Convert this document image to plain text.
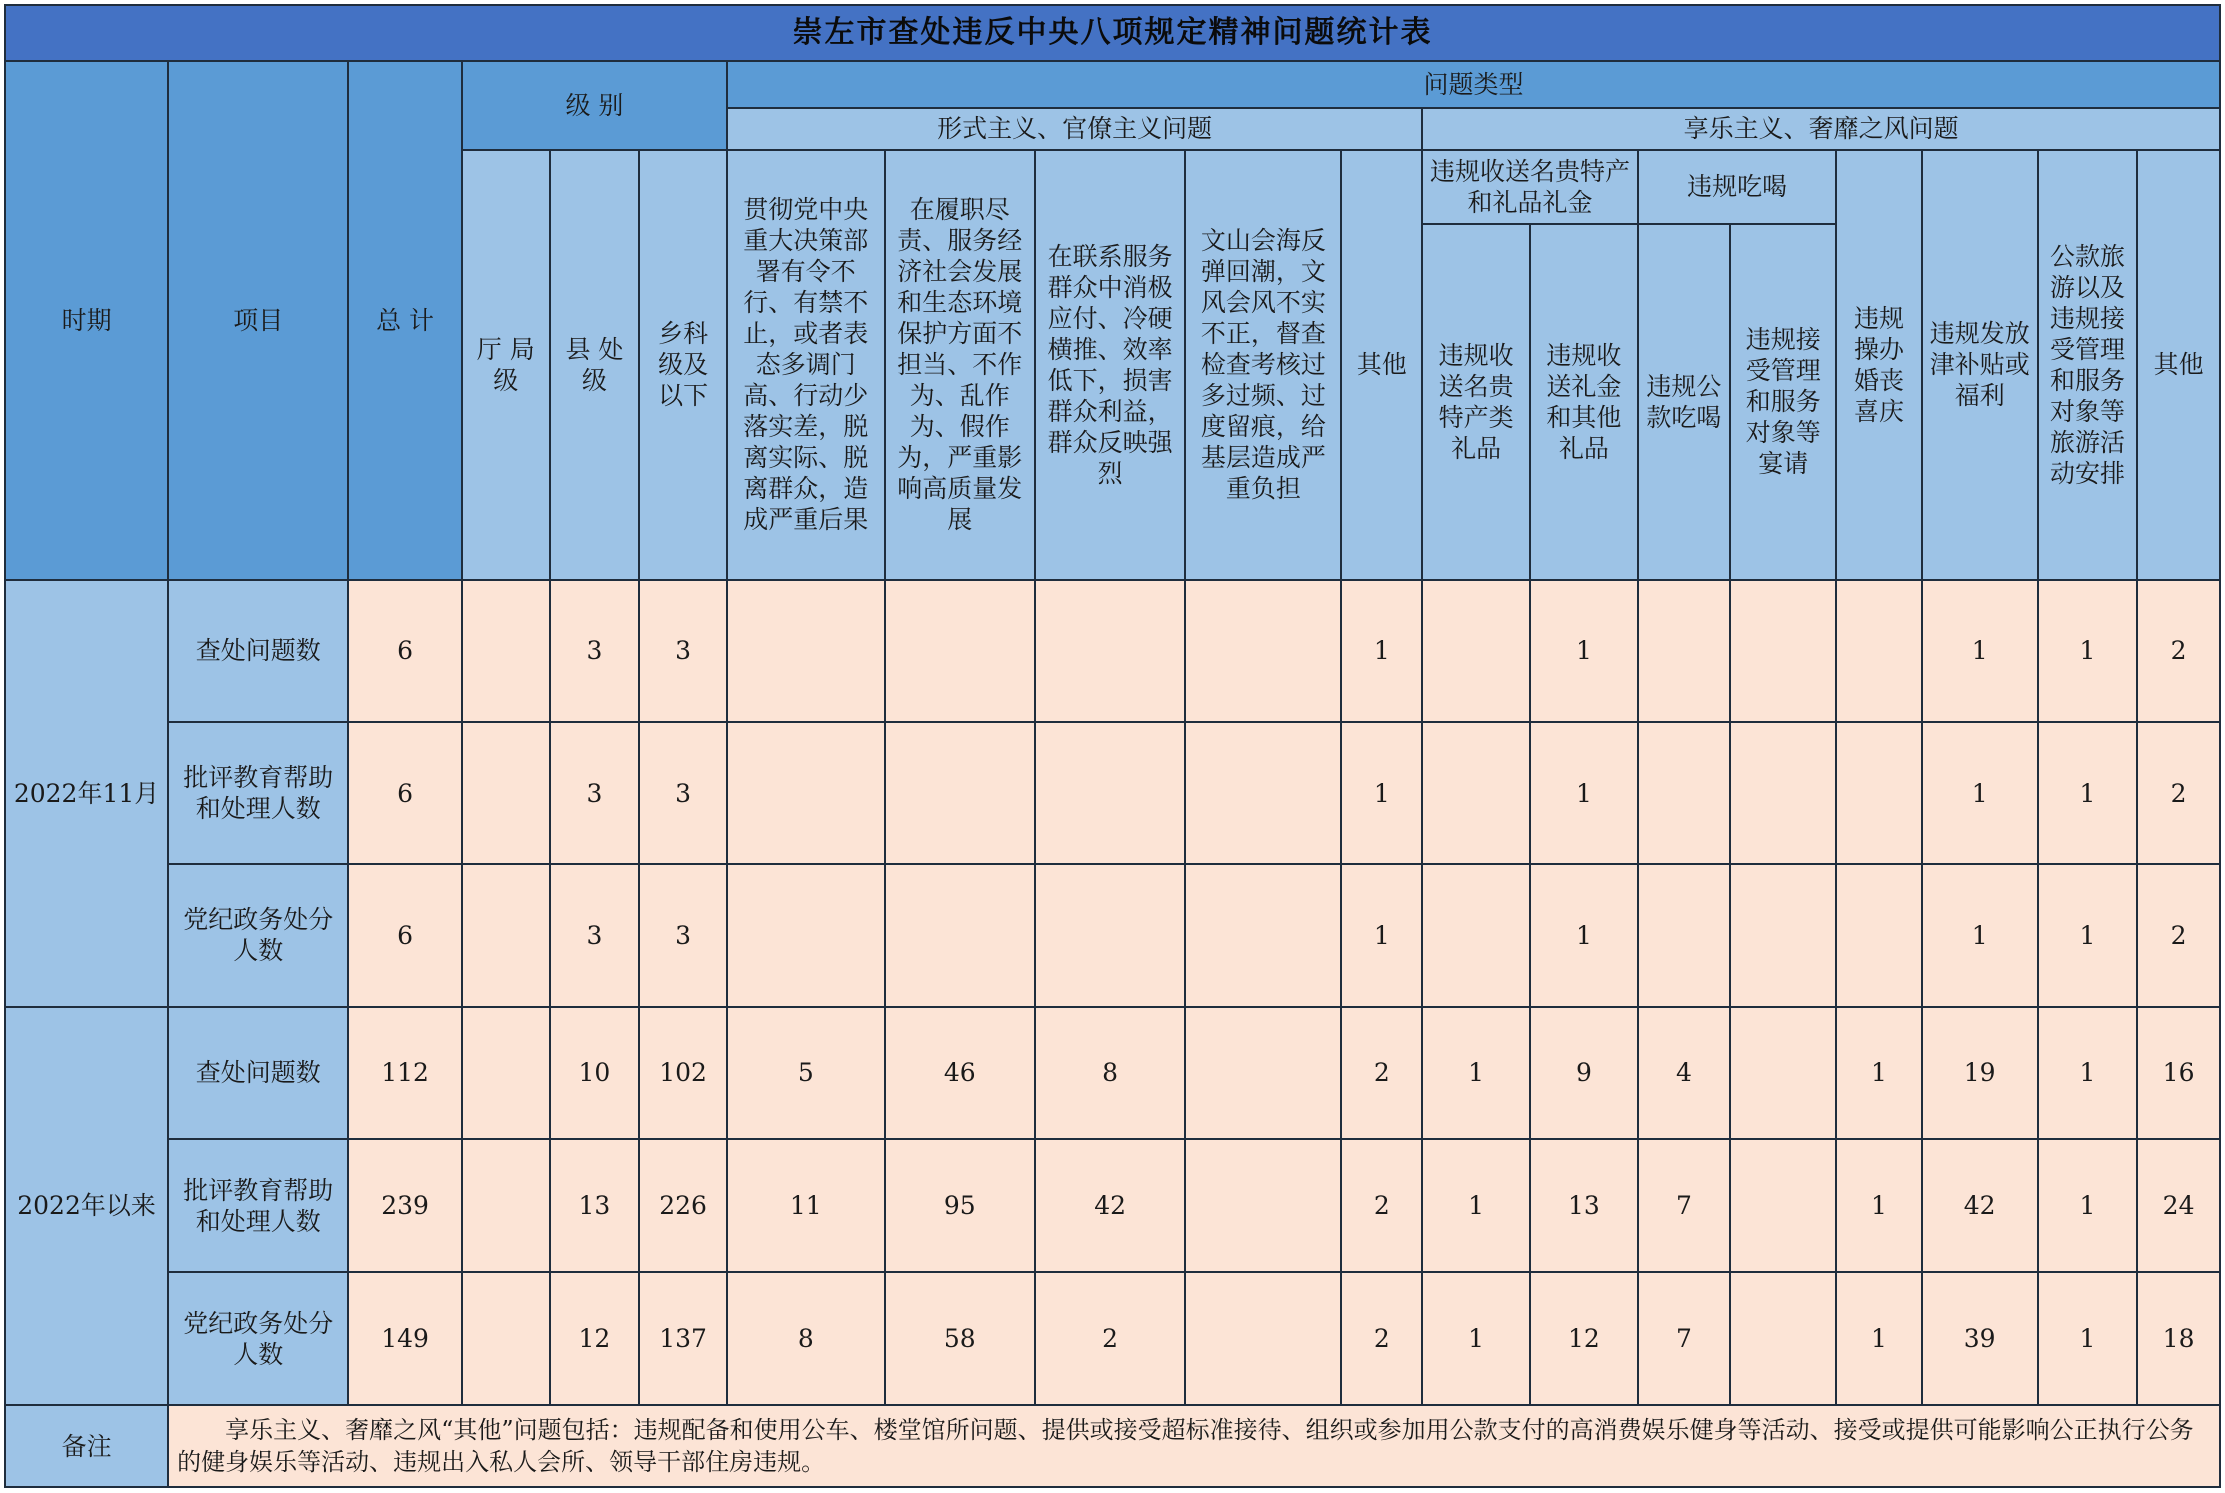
崇左市查处违反中央八项规定精神问题统计表																		
时期	项目	总 计	级 别			问题类型												
						形式主义、官僚主义问题					享乐主义、奢靡之风问题							
			厅 局级	县 处级	乡科级及以下	贯彻党中央重大决策部署有令不行、有禁不止，或者表态多调门高、行动少落实差，脱离实际、脱离群众，造成严重后果	在履职尽责、服务经济社会发展和生态环境保护方面不担当、不作为、乱作为、假作为，严重影响高质量发展	在联系服务群众中消极应付、冷硬横推、效率低下，损害群众利益，群众反映强烈	文山会海反弹回潮，文风会风不实不正，督查检查考核过多过频、过度留痕，给基层造成严重负担	其他	违规收送名贵特产和礼品礼金		违规吃喝		违规操办婚丧喜庆	违规发放津补贴或福利	公款旅游以及违规接受管理和服务对象等旅游活动安排	其他
											违规收送名贵特产类礼品	违规收送礼金和其他礼品	违规公款吃喝	违规接受管理和服务对象等宴请				
2022年11月	查处问题数	6		3	3					1		1				1	1	2
	批评教育帮助和处理人数	6		3	3					1		1				1	1	2
	党纪政务处分人数	6		3	3					1		1				1	1	2
2022年以来	查处问题数	112		10	102	5	46	8		2	1	9	4		1	19	1	16
	批评教育帮助和处理人数	239		13	226	11	95	42		2	1	13	7		1	42	1	24
	党纪政务处分人数	149		12	137	8	58	2		2	1	12	7		1	39	1	18
备注	享乐主义、奢靡之风“其他”问题包括：违规配备和使用公车、楼堂馆所问题、提供或接受超标准接待、组织或参加用公款支付的高消费娱乐健身等活动、接受或提供可能影响公正执行公务的健身娱乐等活动、违规出入私人会所、领导干部住房违规。																	
